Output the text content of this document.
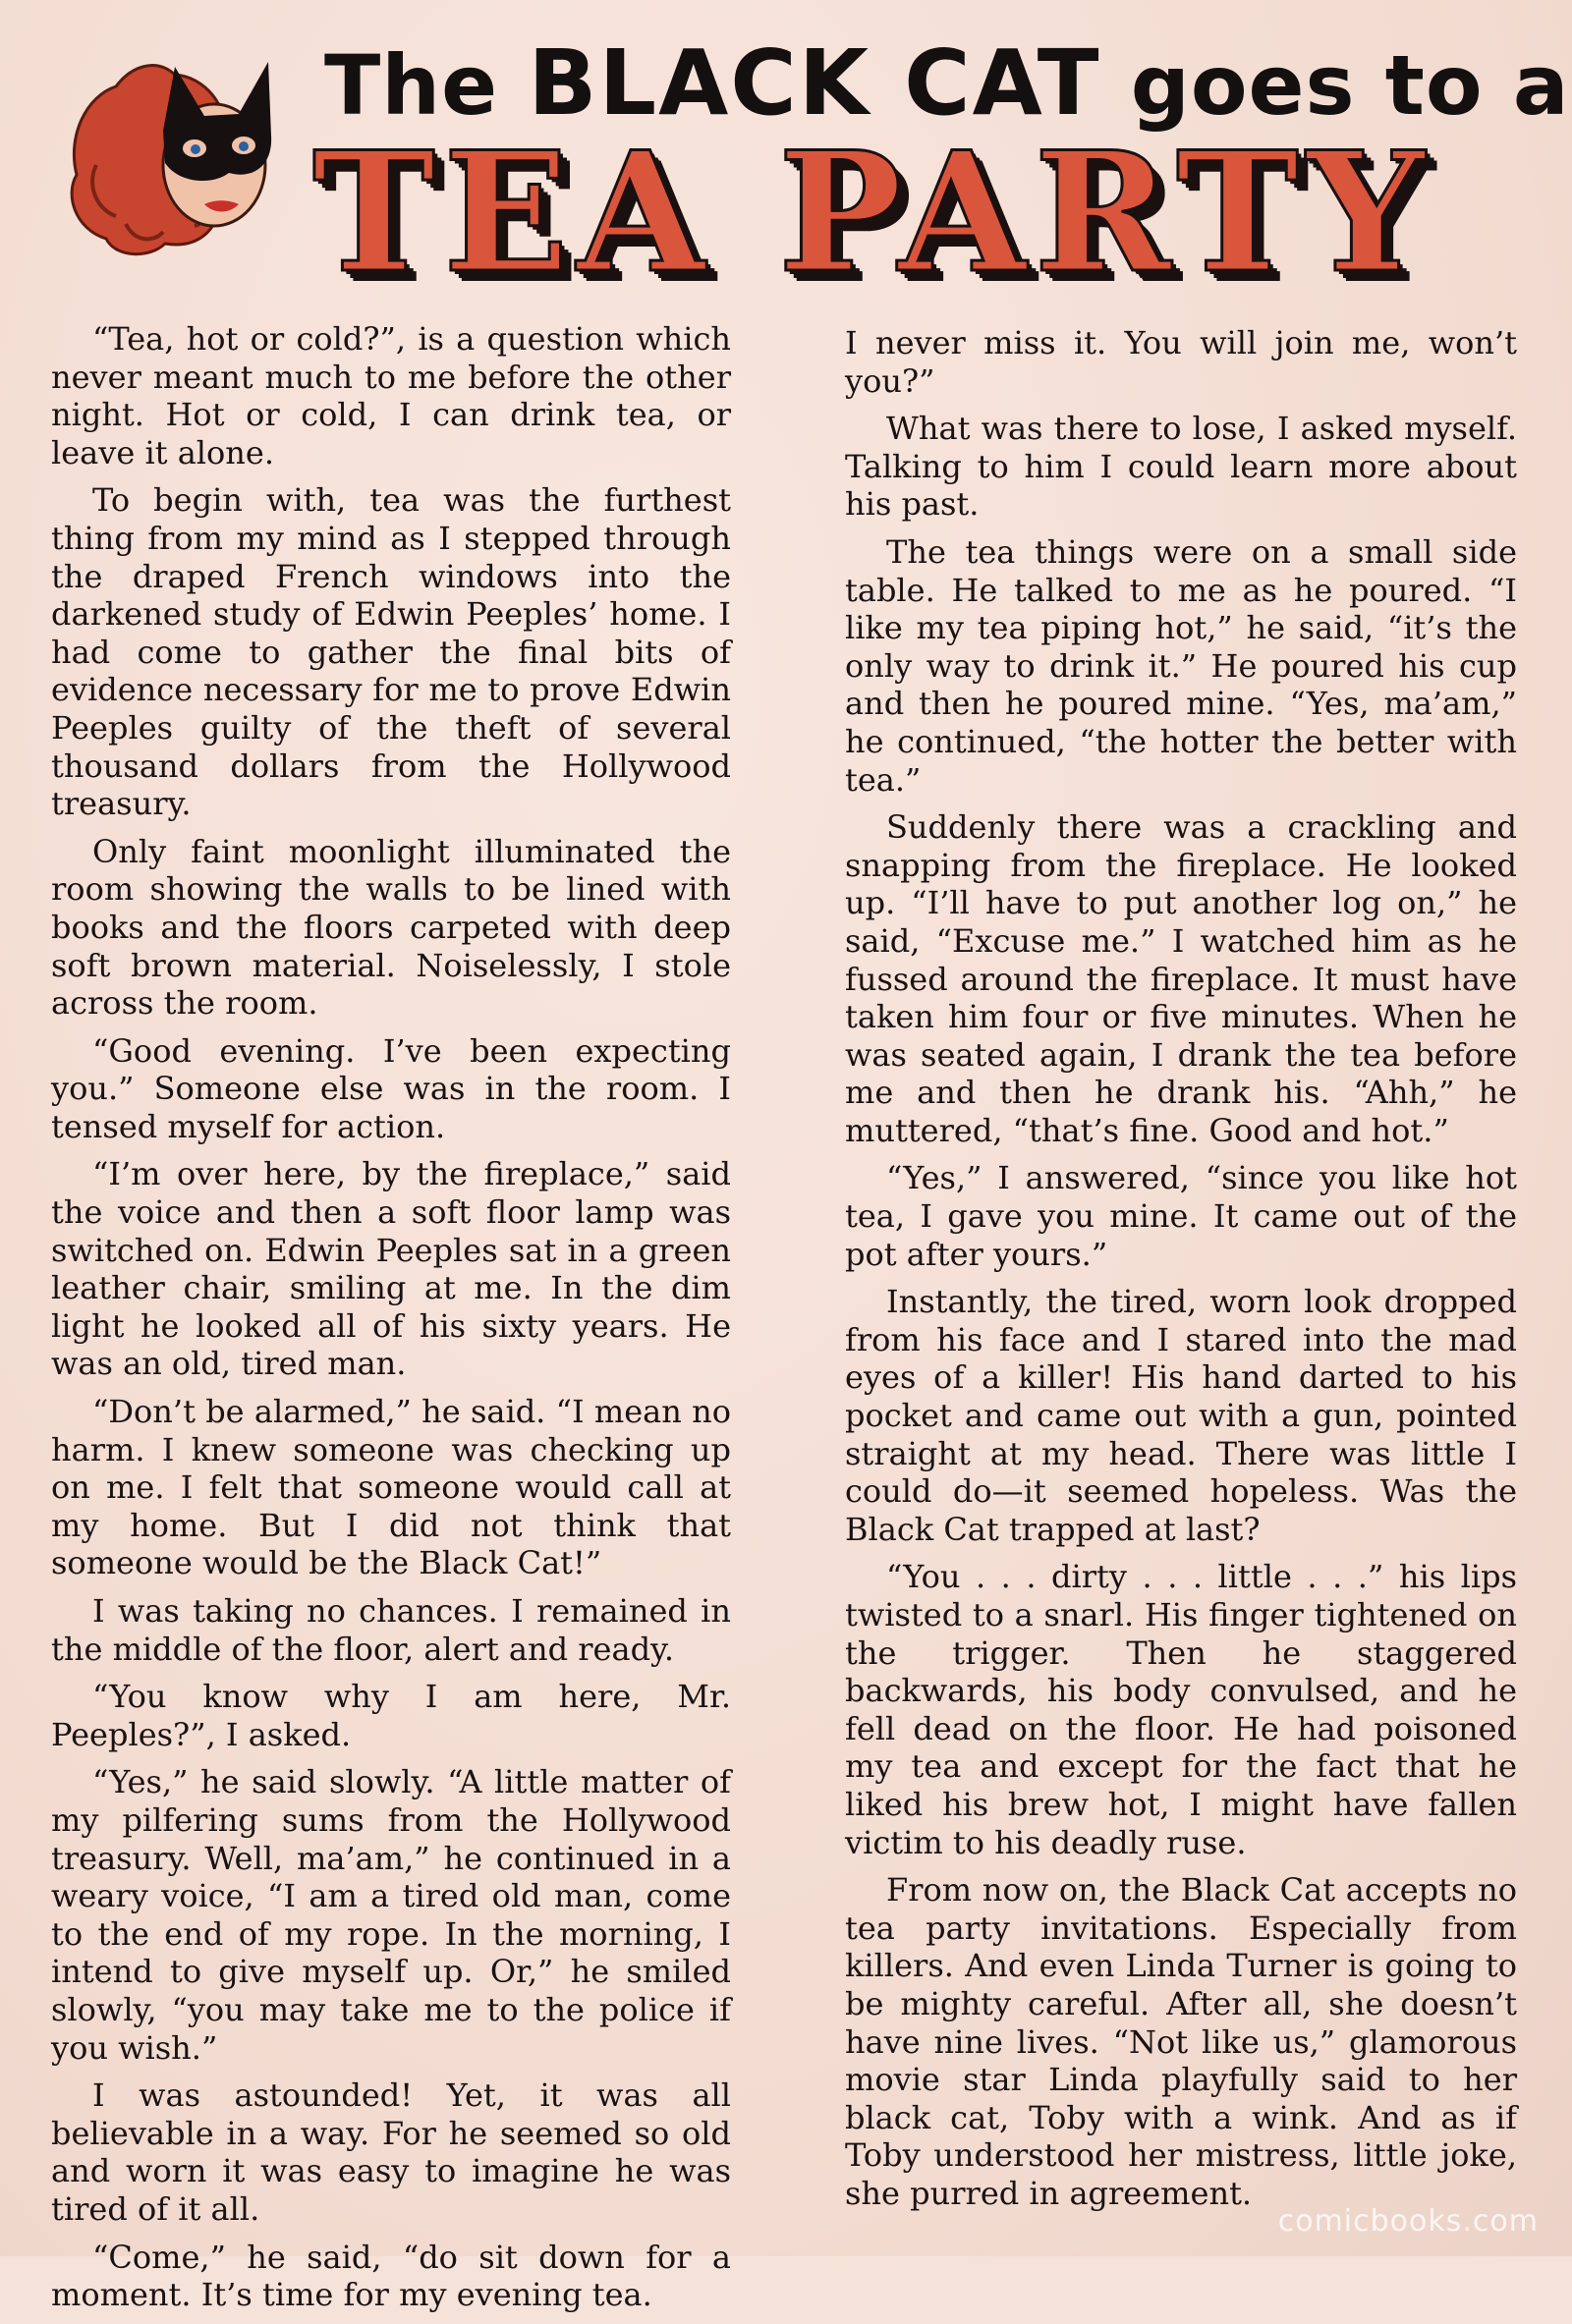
The BLACK CAT goes to a
TEA PARTY

“Tea, hot or cold?”, is a question which never meant much to me before the other night. Hot or cold, I can drink tea, or leave it alone.

To begin with, tea was the furthest thing from my mind as I stepped through the draped French windows into the darkened study of Edwin Peeples’ home. I had come to gather the final bits of evidence necessary for me to prove Edwin Peeples guilty of the theft of several thousand dollars from the Hollywood treasury.

Only faint moonlight illuminated the room showing the walls to be lined with books and the floors carpeted with deep soft brown material. Noiselessly, I stole across the room.

“Good evening. I’ve been expecting you.” Someone else was in the room. I tensed myself for action.

“I’m over here, by the fireplace,” said the voice and then a soft floor lamp was switched on. Edwin Peeples sat in a green leather chair, smiling at me. In the dim light he looked all of his sixty years. He was an old, tired man.

“Don’t be alarmed,” he said. “I mean no harm. I knew someone was checking up on me. I felt that someone would call at my home. But I did not think that someone would be the Black Cat!”

I was taking no chances. I remained in the middle of the floor, alert and ready.

“You know why I am here, Mr. Peeples?”, I asked.

“Yes,” he said slowly. “A little matter of my pilfering sums from the Hollywood treasury. Well, ma’am,” he continued in a weary voice, “I am a tired old man, come to the end of my rope. In the morning, I intend to give myself up. Or,” he smiled slowly, “you may take me to the police if you wish.”

I was astounded! Yet, it was all believable in a way. For he seemed so old and worn it was easy to imagine he was tired of it all.

“Come,” he said, “do sit down for a moment. It’s time for my evening tea.

I never miss it. You will join me, won’t you?”

What was there to lose, I asked myself. Talking to him I could learn more about his past.

The tea things were on a small side table. He talked to me as he poured. “I like my tea piping hot,” he said, “it’s the only way to drink it.” He poured his cup and then he poured mine. “Yes, ma’am,” he continued, “the hotter the better with tea.”

Suddenly there was a crackling and snapping from the fireplace. He looked up. “I’ll have to put another log on,” he said, “Excuse me.” I watched him as he fussed around the fireplace. It must have taken him four or five minutes. When he was seated again, I drank the tea before me and then he drank his. “Ahh,” he muttered, “that’s fine. Good and hot.”

“Yes,” I answered, “since you like hot tea, I gave you mine. It came out of the pot after yours.”

Instantly, the tired, worn look dropped from his face and I stared into the mad eyes of a killer! His hand darted to his pocket and came out with a gun, pointed straight at my head. There was little I could do—it seemed hopeless. Was the Black Cat trapped at last?

“You . . . dirty . . . little . . .” his lips twisted to a snarl. His finger tightened on the trigger. Then he staggered backwards, his body convulsed, and he fell dead on the floor. He had poisoned my tea and except for the fact that he liked his brew hot, I might have fallen victim to his deadly ruse.

From now on, the Black Cat accepts no tea party invitations. Especially from killers. And even Linda Turner is going to be mighty careful. After all, she doesn’t have nine lives. “Not like us,” glamorous movie star Linda playfully said to her black cat, Toby with a wink. And as if Toby understood her mistress, little joke, she purred in agreement.

comicbooks.com
